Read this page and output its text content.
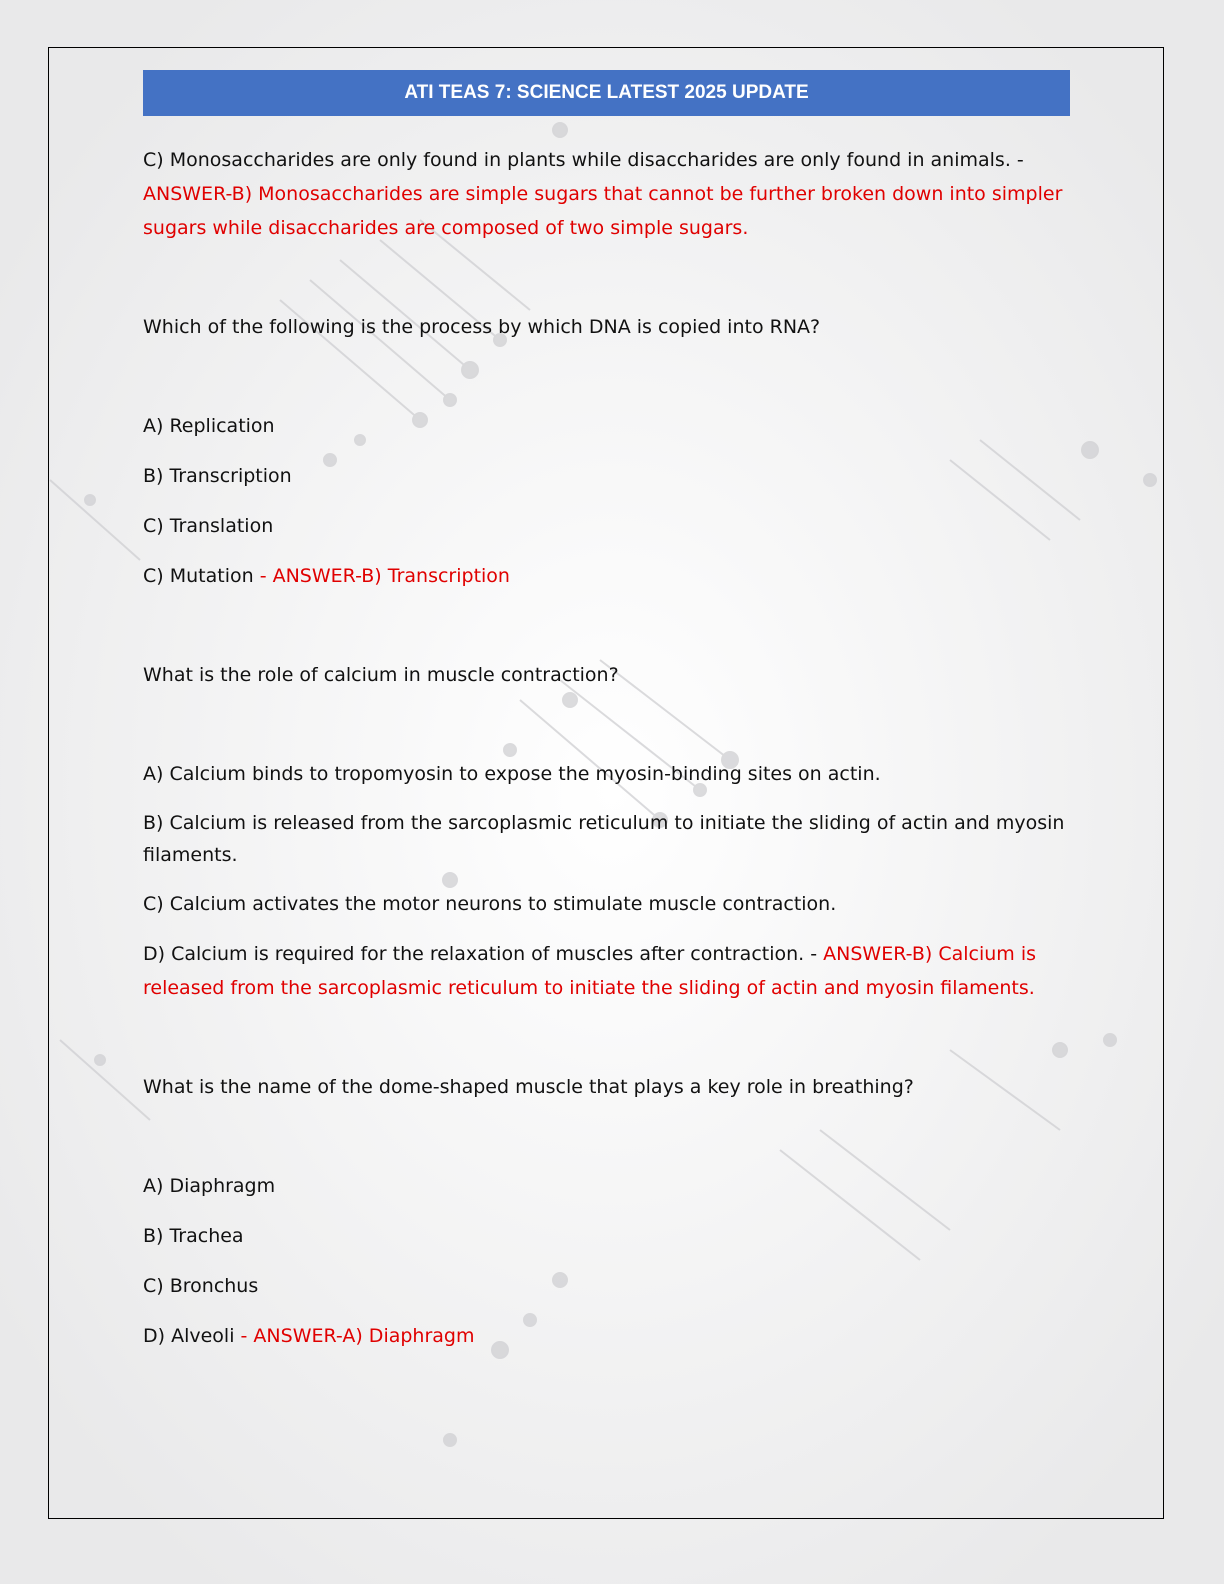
ATI TEAS 7: SCIENCE LATEST 2025 UPDATE

C) Monosaccharides are only found in plants while disaccharides are only found in animals. - ANSWER-B) Monosaccharides are simple sugars that cannot be further broken down into simpler sugars while disaccharides are composed of two simple sugars.

Which of the following is the process by which DNA is copied into RNA?

A) Replication

B) Transcription

C) Translation

C) Mutation - ANSWER-B) Transcription

What is the role of calcium in muscle contraction?

A) Calcium binds to tropomyosin to expose the myosin-binding sites on actin.

B) Calcium is released from the sarcoplasmic reticulum to initiate the sliding of actin and myosin filaments.

C) Calcium activates the motor neurons to stimulate muscle contraction.

D) Calcium is required for the relaxation of muscles after contraction. - ANSWER-B) Calcium is released from the sarcoplasmic reticulum to initiate the sliding of actin and myosin filaments.

What is the name of the dome-shaped muscle that plays a key role in breathing?

A) Diaphragm

B) Trachea

C) Bronchus

D) Alveoli - ANSWER-A) Diaphragm
